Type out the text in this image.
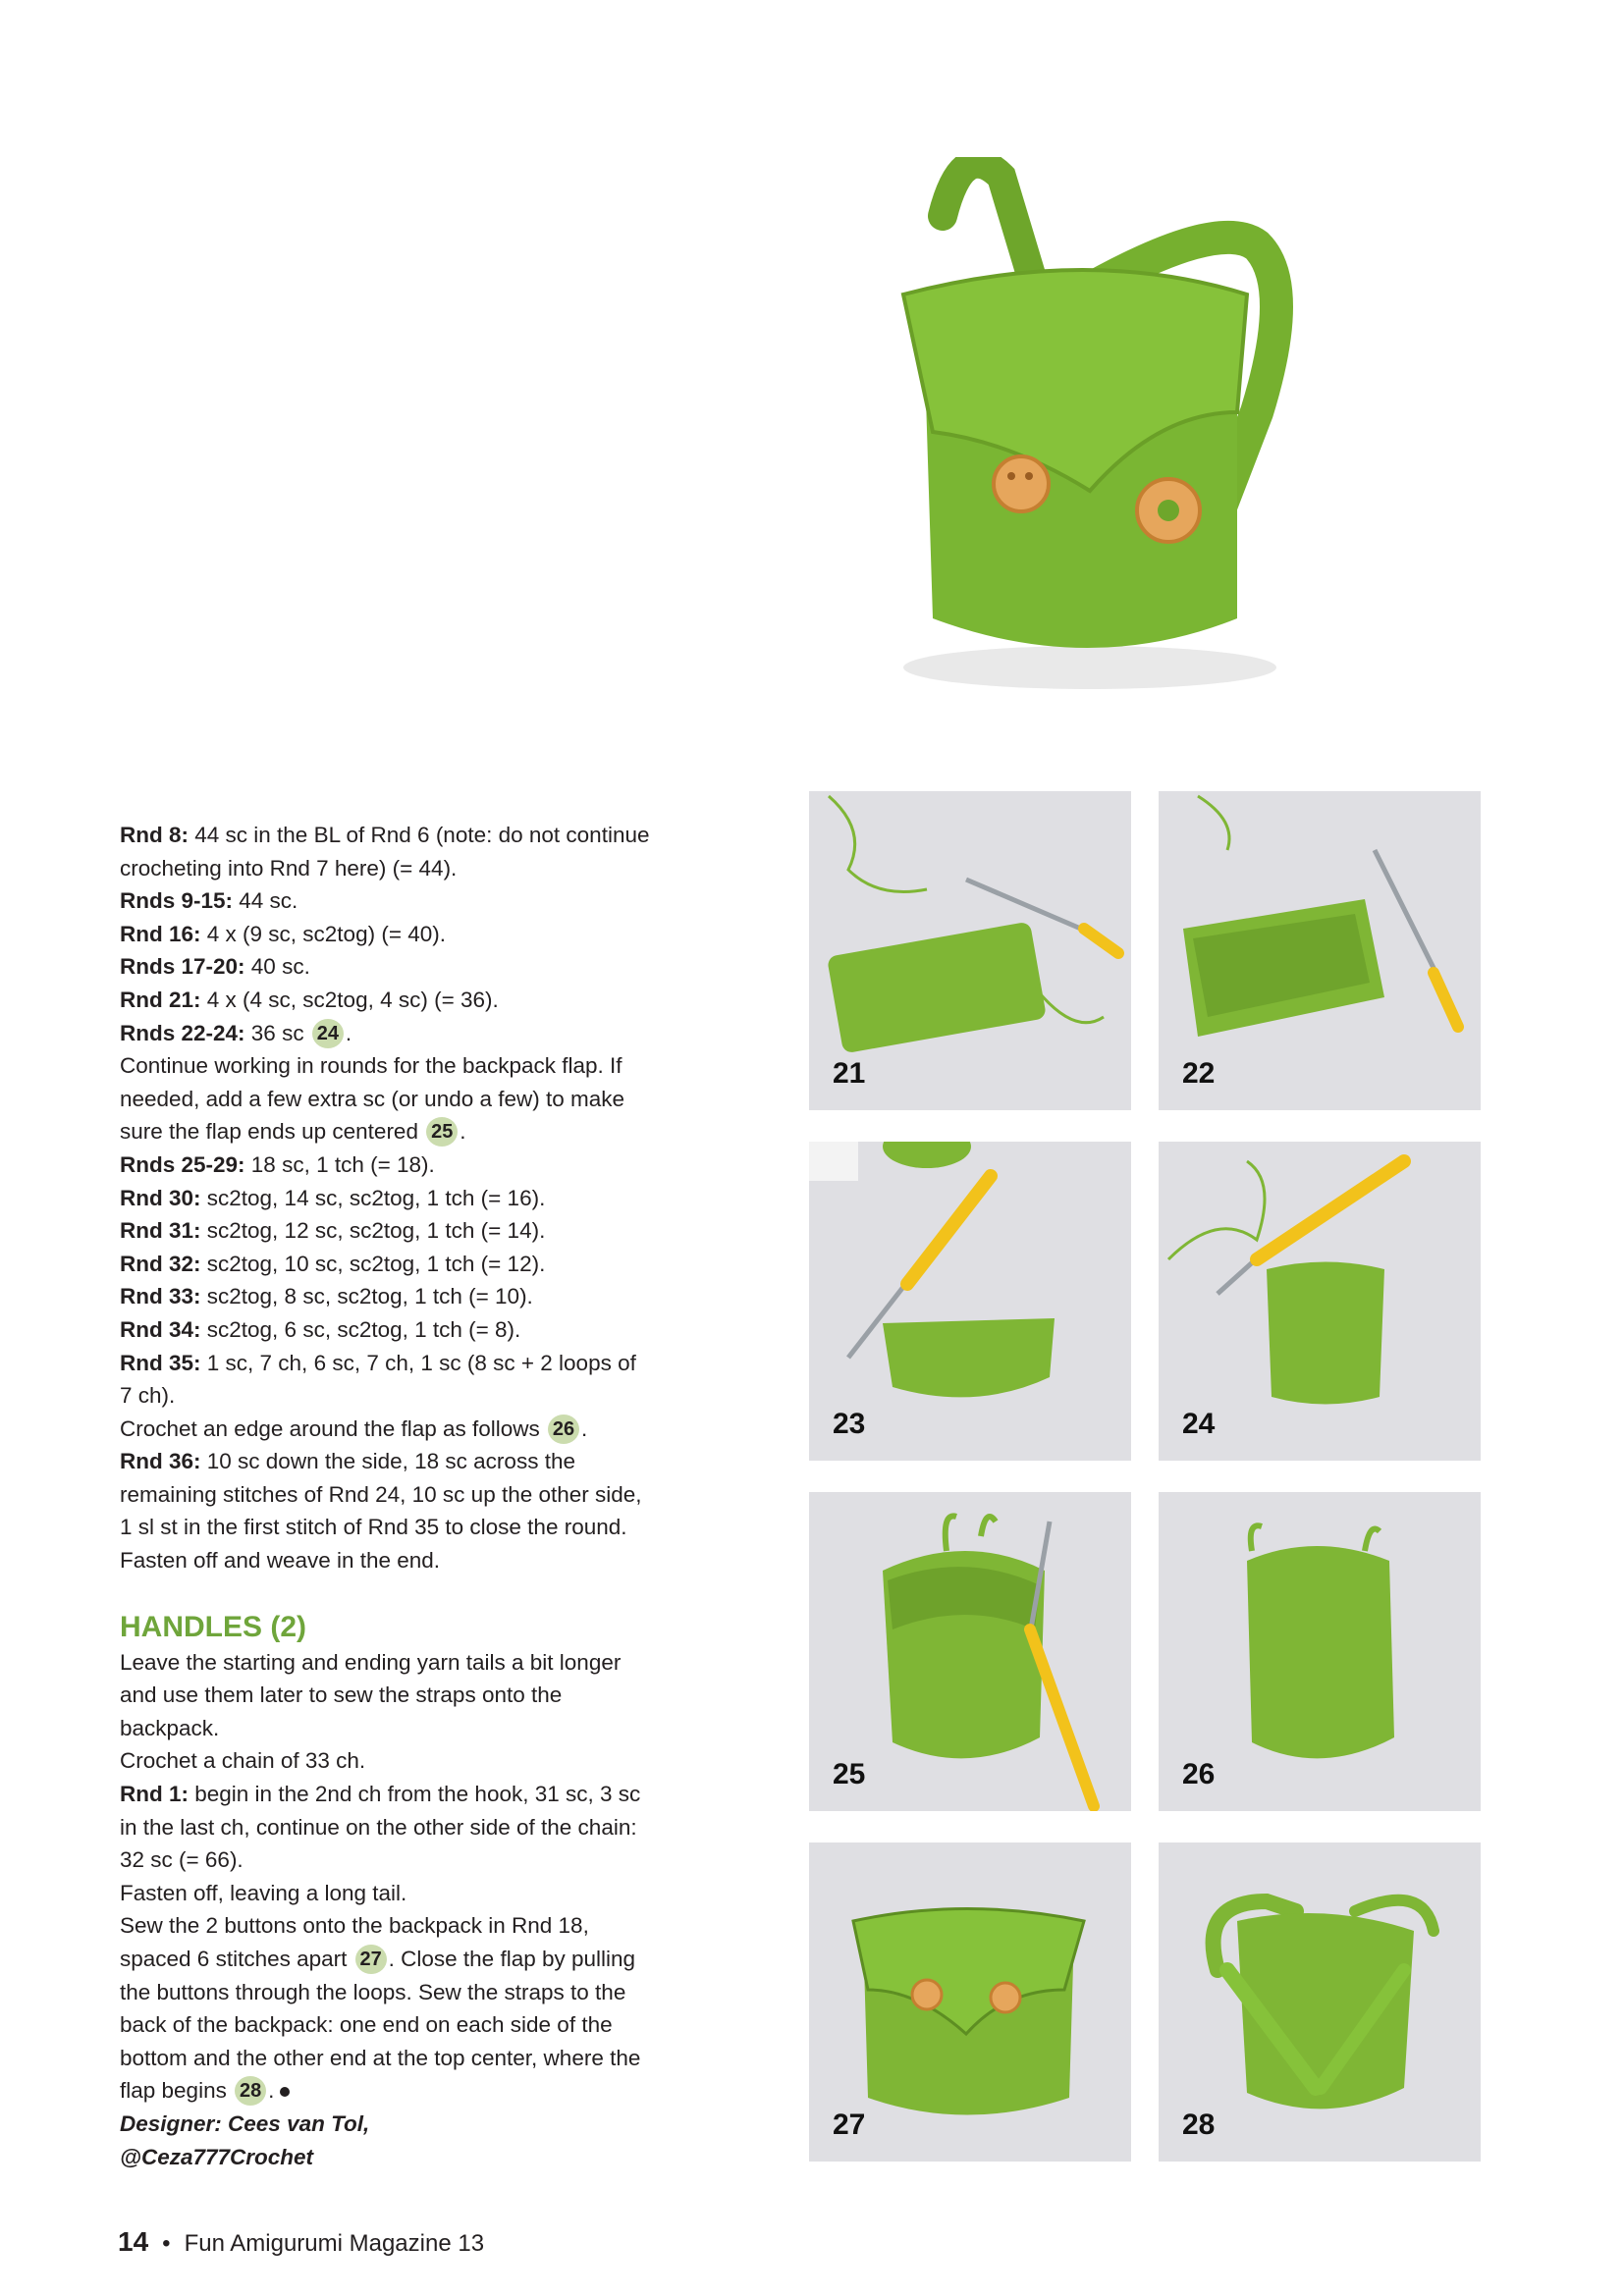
Rnd 8: 44 sc in the BL of Rnd 6 (note: do not continue crocheting into Rnd 7 here) (= 44).

Rnds 9-15: 44 sc.

Rnd 16: 4 x (9 sc, sc2tog) (= 40).

Rnds 17-20: 40 sc.

Rnd 21: 4 x (4 sc, sc2tog, 4 sc) (= 36).

Rnds 22-24: 36 sc 24 .

Continue working in rounds for the backpack flap. If needed, add a few extra sc (or undo a few) to make sure the flap ends up centered 25 .

Rnds 25-29: 18 sc, 1 tch (= 18).

Rnd 30: sc2tog, 14 sc, sc2tog, 1 tch (= 16).

Rnd 31: sc2tog, 12 sc, sc2tog, 1 tch (= 14).

Rnd 32: sc2tog, 10 sc, sc2tog, 1 tch (= 12).

Rnd 33: sc2tog, 8 sc, sc2tog, 1 tch (= 10).

Rnd 34: sc2tog, 6 sc, sc2tog, 1 tch (= 8).

Rnd 35: 1 sc, 7 ch, 6 sc, 7 ch, 1 sc (8 sc + 2 loops of 7 ch).

Crochet an edge around the flap as follows 26 .

Rnd 36: 10 sc down the side, 18 sc across the remaining stitches of Rnd 24, 10 sc up the other side, 1 sl st in the first stitch of Rnd 35 to close the round. Fasten off and weave in the end.

HANDLES (2)

Leave the starting and ending yarn tails a bit longer and use them later to sew the straps onto the backpack.

Crochet a chain of 33 ch.

Rnd 1: begin in the 2nd ch from the hook, 31 sc, 3 sc in the last ch, continue on the other side of the chain: 32 sc (= 66).

Fasten off, leaving a long tail.

Sew the 2 buttons onto the backpack in Rnd 18, spaced 6 stitches apart 27 . Close the flap by pulling the buttons through the loops. Sew the straps to the back of the backpack: one end on each side of the bottom and the other end at the top center, where the flap begins 28 .

Designer: Cees van Tol,

@Ceza777Crochet

21	22
23	24
25	26
27	28
14 • Fun Amigurumi Magazine 13
